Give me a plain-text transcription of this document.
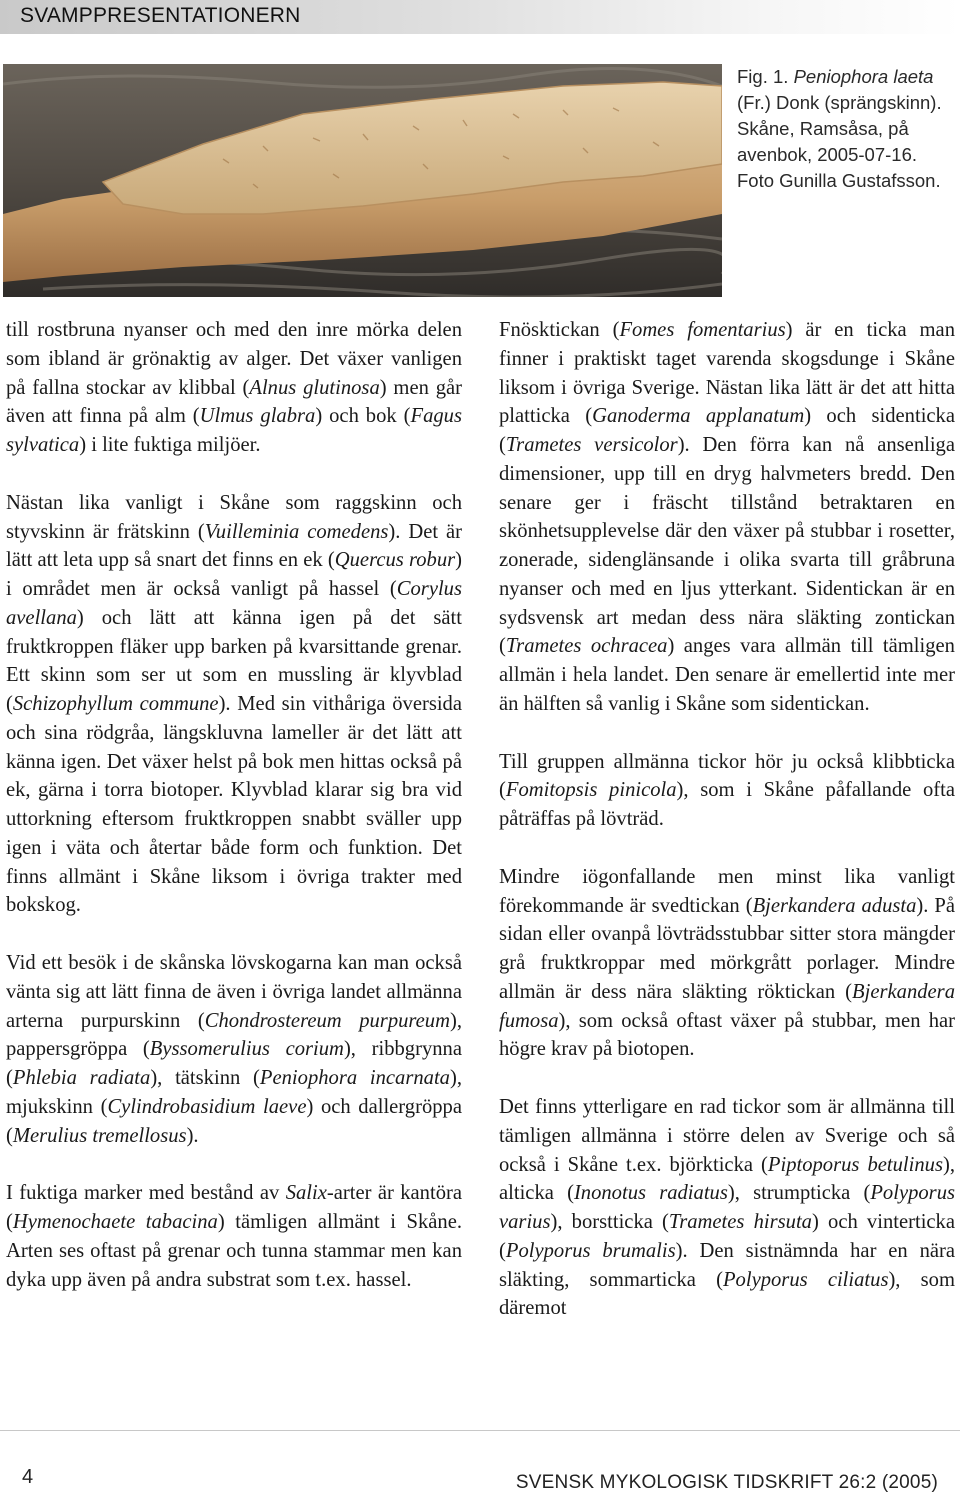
SVAMPPRESENTATIONERN
Fig. 1. Peniophora laeta (Fr.) Donk (sprängskinn). Skåne, Ramsåsa, på avenbok, 2005-07-16. Foto Gunilla Gustafsson.

till rostbruna nyanser och med den inre mörka delen som ibland är grönaktig av alger. Det växer vanligen på fallna stockar av klibbal (Alnus glutinosa) men går även att finna på alm (Ulmus glabra) och bok (Fagus sylvatica) i lite fuktiga miljöer.

Nästan lika vanligt i Skåne som raggskinn och styvskinn är frätskinn (Vuilleminia comedens). Det är lätt att leta upp så snart det finns en ek (Quercus robur) i området men är också vanligt på hassel (Corylus avellana) och lätt att känna igen på det sätt fruktkroppen fläker upp barken på kvarsittande grenar. Ett skinn som ser ut som en mussling är klyvblad (Schizophyllum commune). Med sin vithåriga översida och sina rödgråa, längskluvna lameller är det lätt att känna igen. Det växer helst på bok men hittas också på ek, gärna i torra biotoper. Klyvblad klarar sig bra vid uttorkning eftersom fruktkroppen snabbt sväller upp igen i väta och återtar både form och funktion. Det finns allmänt i Skåne liksom i övriga trakter med bokskog.

Vid ett besök i de skånska lövskogarna kan man också vänta sig att lätt finna de även i övriga landet allmänna arterna purpurskinn (Chondrostereum purpureum), pappersgröppa (Byssomerulius corium), ribbgrynna (Phlebia radiata), tätskinn (Peniophora incarnata), mjukskinn (Cylindrobasidium laeve) och dallergröppa (Merulius tremellosus).

I fuktiga marker med bestånd av Salix-arter är kantöra (Hymenochaete tabacina) tämligen allmänt i Skåne. Arten ses oftast på grenar och tunna stammar men kan dyka upp även på andra substrat som t.ex. hassel.

Fnösktickan (Fomes fomentarius) är en ticka man finner i praktiskt taget varenda skogsdunge i Skåne liksom i övriga Sverige. Nästan lika lätt är det att hitta platticka (Ganoderma applanatum) och sidenticka (Trametes versicolor). Den förra kan nå ansenliga dimensioner, upp till en dryg halvmeters bredd. Den senare ger i fräscht tillstånd betraktaren en skönhetsupplevelse där den växer på stubbar i rosetter, zonerade, sidenglänsande i olika svarta till gråbruna nyanser och med en ljus ytterkant. Sidentickan är en sydsvensk art medan dess nära släkting zontickan (Trametes ochracea) anges vara allmän till tämligen allmän i hela landet. Den senare är emellertid inte mer än hälften så vanlig i Skåne som sidentickan.

Till gruppen allmänna tickor hör ju också klibbticka (Fomitopsis pinicola), som i Skåne påfallande ofta påträffas på lövträd.

Mindre iögonfallande men minst lika vanligt förekommande är svedtickan (Bjerkandera adusta). På sidan eller ovanpå lövträdsstubbar sitter stora mängder grå fruktkroppar med mörkgrått porlager. Mindre allmän är dess nära släkting röktickan (Bjerkandera fumosa), som också oftast växer på stubbar, men har högre krav på biotopen.

Det finns ytterligare en rad tickor som är allmänna till tämligen allmänna i större delen av Sverige och så också i Skåne t.ex. björkticka (Piptoporus betulinus), alticka (Inonotus radiatus), strumpticka (Polyporus varius), borstticka (Trametes hirsuta) och vinterticka (Polyporus brumalis). Den sistnämnda har en nära släkting, sommarticka (Polyporus ciliatus), som däremot

4	SVENSK MYKOLOGISK TIDSKRIFT 26:2 (2005)
